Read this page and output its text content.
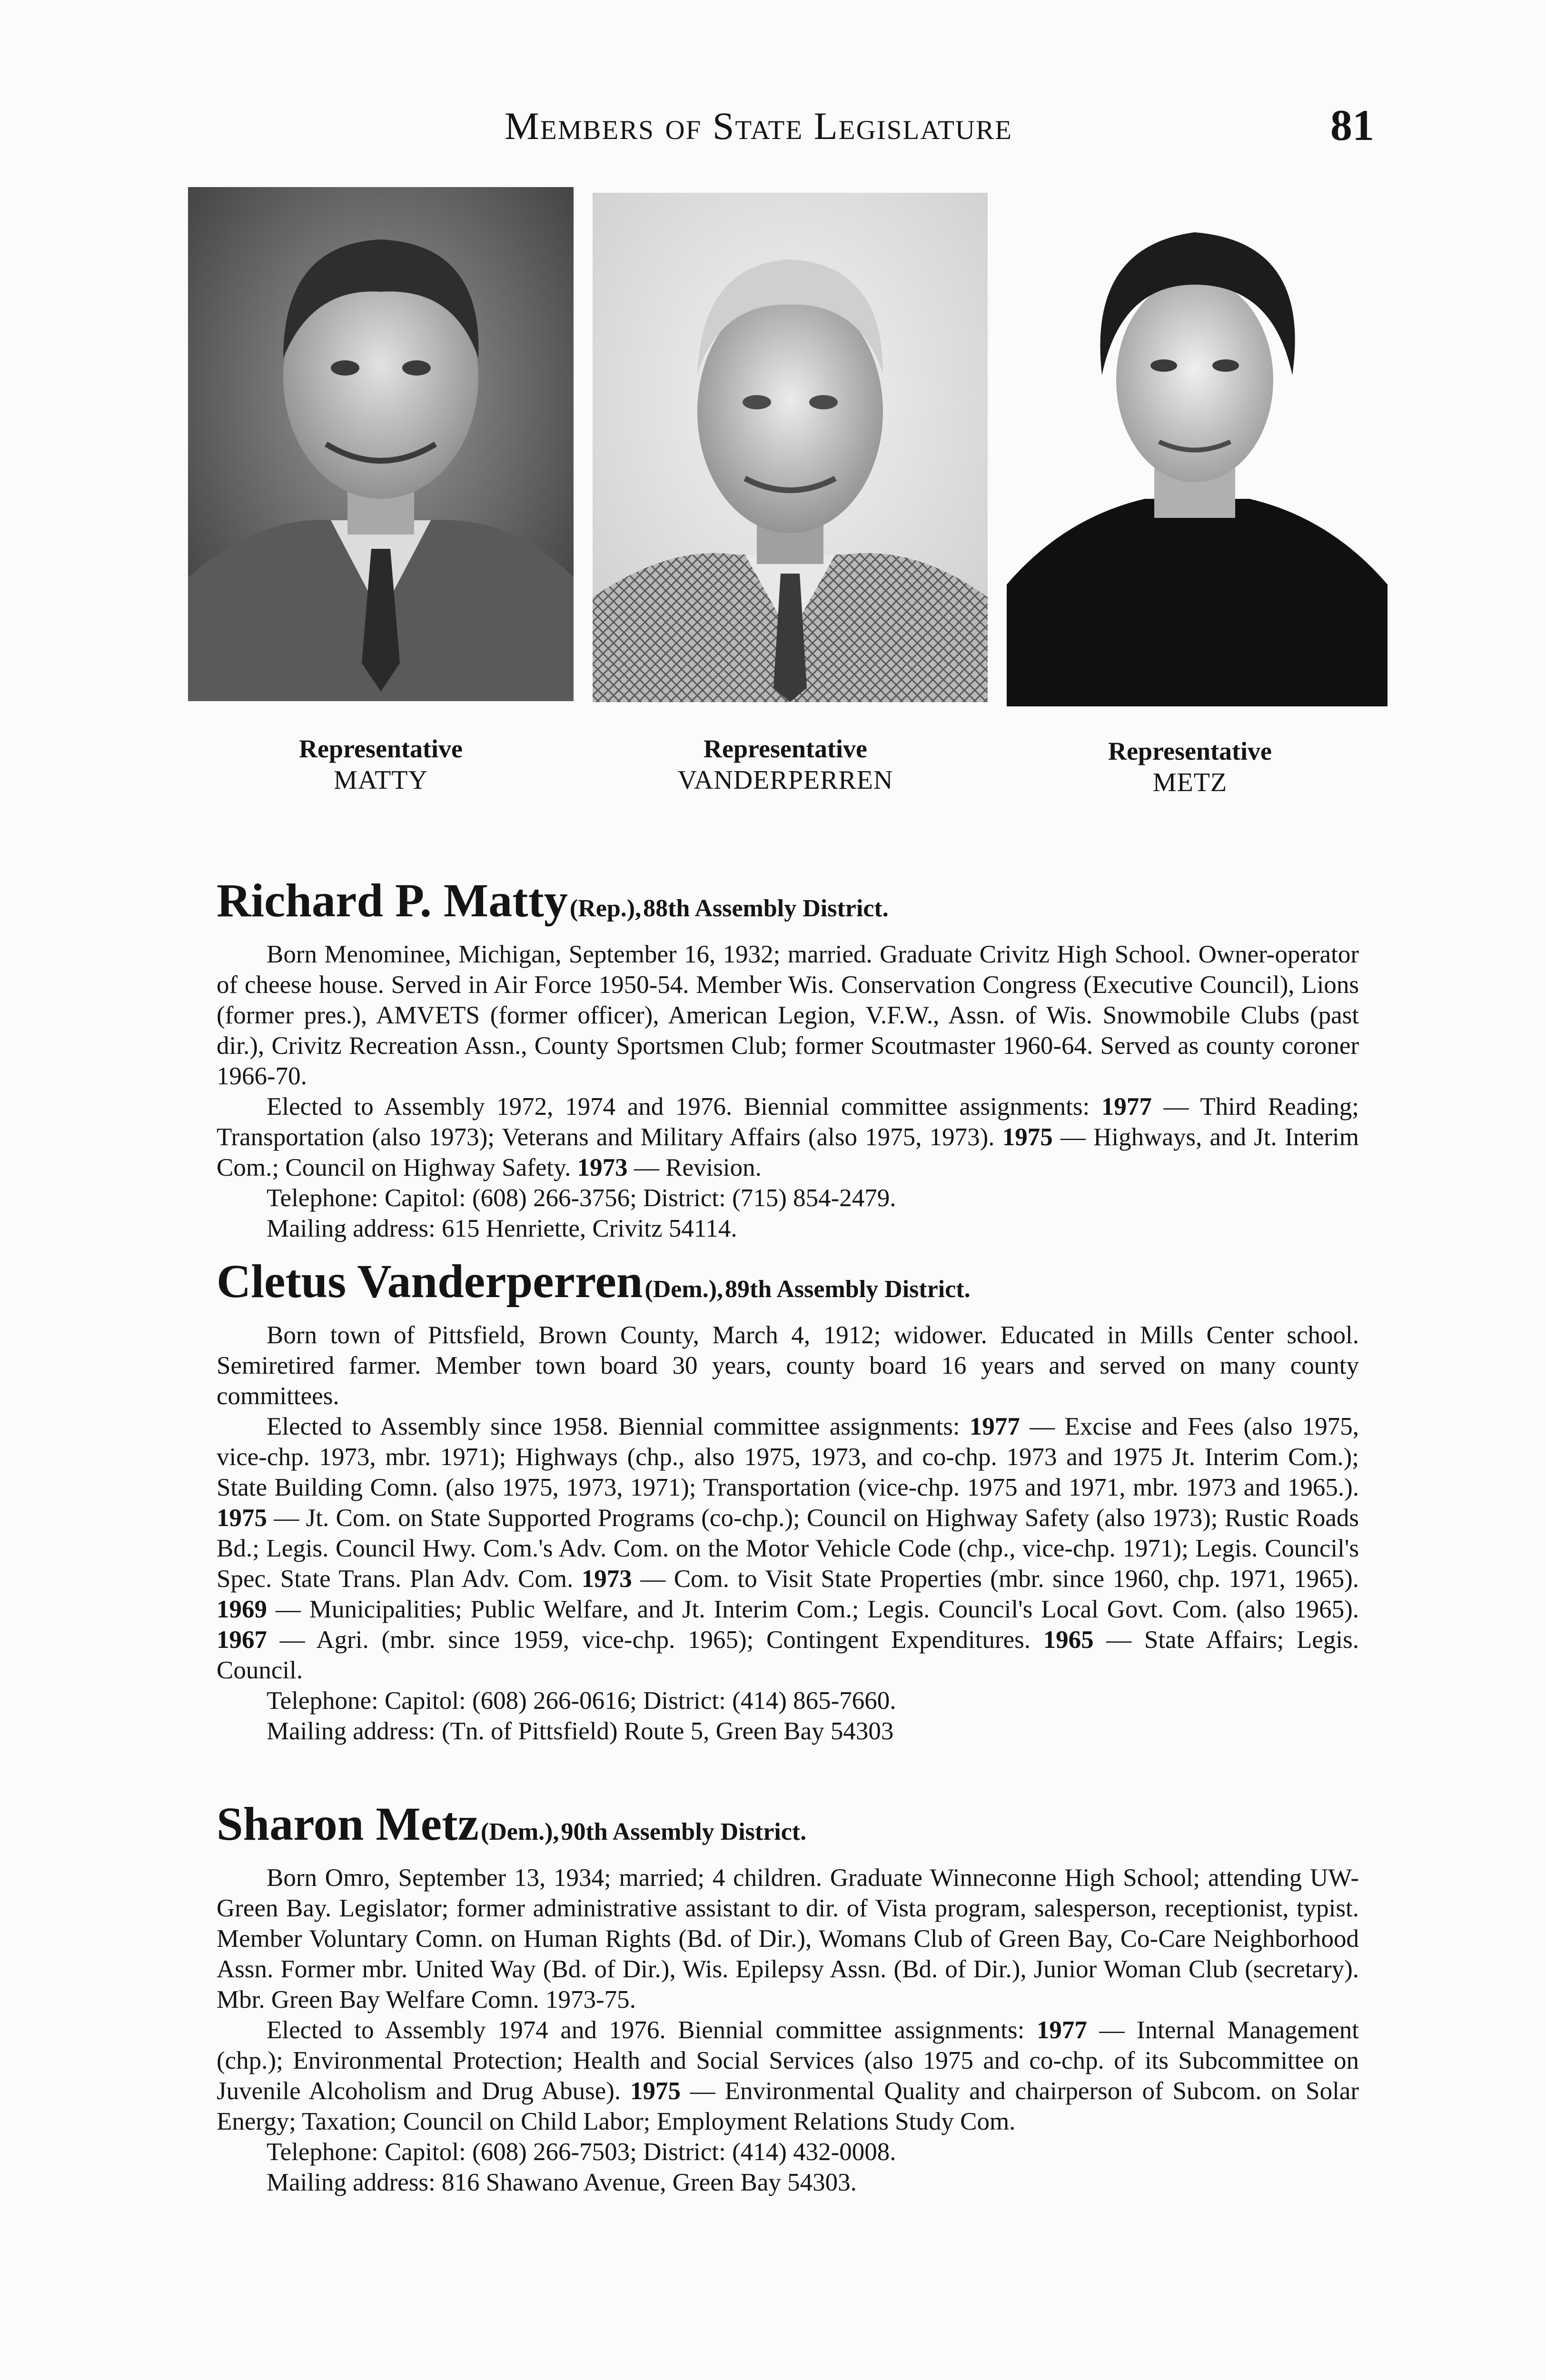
Members of State Legislature	81
Representative
MATTY
Representative
VANDERPERREN
Representative
METZ
Richard P. Matty (Rep.), 88th Assembly District.

Born Menominee, Michigan, September 16, 1932; married. Graduate Crivitz High School. Owner-operator of cheese house. Served in Air Force 1950-54. Member Wis. Conservation Congress (Executive Council), Lions (former pres.), AMVETS (former officer), American Legion, V.F.W., Assn. of Wis. Snowmobile Clubs (past dir.), Crivitz Recreation Assn., County Sportsmen Club; former Scoutmaster 1960-64. Served as county coroner 1966-70.

Elected to Assembly 1972, 1974 and 1976. Biennial committee assignments: 1977 — Third Reading; Transportation (also 1973); Veterans and Military Affairs (also 1975, 1973). 1975 — Highways, and Jt. Interim Com.; Council on Highway Safety. 1973 — Revision.

Telephone: Capitol: (608) 266-3756; District: (715) 854-2479.

Mailing address: 615 Henriette, Crivitz 54114.

Cletus Vanderperren (Dem.), 89th Assembly District.

Born town of Pittsfield, Brown County, March 4, 1912; widower. Educated in Mills Center school. Semiretired farmer. Member town board 30 years, county board 16 years and served on many county committees.

Elected to Assembly since 1958. Biennial committee assignments: 1977 — Excise and Fees (also 1975, vice-chp. 1973, mbr. 1971); Highways (chp., also 1975, 1973, and co-chp. 1973 and 1975 Jt. Interim Com.); State Building Comn. (also 1975, 1973, 1971); Transportation (vice-chp. 1975 and 1971, mbr. 1973 and 1965.). 1975 — Jt. Com. on State Supported Programs (co-chp.); Council on Highway Safety (also 1973); Rustic Roads Bd.; Legis. Council Hwy. Com.'s Adv. Com. on the Motor Vehicle Code (chp., vice-chp. 1971); Legis. Council's Spec. State Trans. Plan Adv. Com. 1973 — Com. to Visit State Properties (mbr. since 1960, chp. 1971, 1965). 1969 — Municipalities; Public Welfare, and Jt. Interim Com.; Legis. Council's Local Govt. Com. (also 1965). 1967 — Agri. (mbr. since 1959, vice-chp. 1965); Contingent Expenditures. 1965 — State Affairs; Legis. Council.

Telephone: Capitol: (608) 266-0616; District: (414) 865-7660.

Mailing address: (Tn. of Pittsfield) Route 5, Green Bay 54303

Sharon Metz (Dem.), 90th Assembly District.

Born Omro, September 13, 1934; married; 4 children. Graduate Winneconne High School; attending UW-Green Bay. Legislator; former administrative assistant to dir. of Vista program, salesperson, receptionist, typist. Member Voluntary Comn. on Human Rights (Bd. of Dir.), Womans Club of Green Bay, Co-Care Neighborhood Assn. Former mbr. United Way (Bd. of Dir.), Wis. Epilepsy Assn. (Bd. of Dir.), Junior Woman Club (secretary). Mbr. Green Bay Welfare Comn. 1973-75.

Elected to Assembly 1974 and 1976. Biennial committee assignments: 1977 — Internal Management (chp.); Environmental Protection; Health and Social Services (also 1975 and co-chp. of its Subcommittee on Juvenile Alcoholism and Drug Abuse). 1975 — Environmental Quality and chairperson of Subcom. on Solar Energy; Taxation; Council on Child Labor; Employment Relations Study Com.

Telephone: Capitol: (608) 266-7503; District: (414) 432-0008.

Mailing address: 816 Shawano Avenue, Green Bay 54303.
